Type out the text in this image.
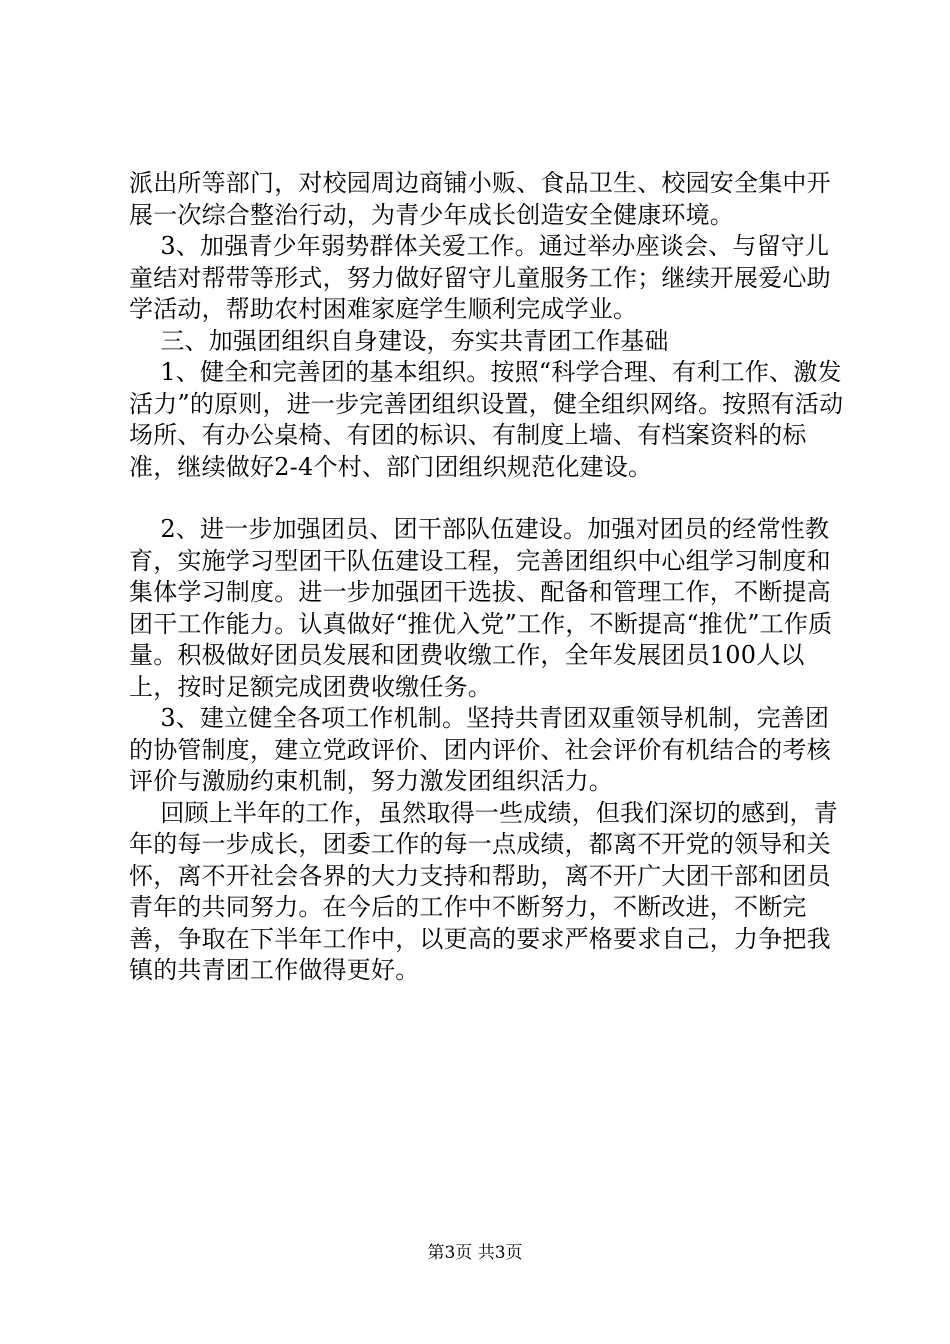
派出所等部门，对校园周边商铺小贩、食品卫生、校园安全集中开展一次综合整治行动，为青少年成长创造安全健康环境。

3、加强青少年弱势群体关爱工作。通过举办座谈会、与留守儿童结对帮带等形式，努力做好留守儿童服务工作；继续开展爱心助学活动，帮助农村困难家庭学生顺利完成学业。

三、加强团组织自身建设，夯实共青团工作基础

1、健全和完善团的基本组织。按照“科学合理、有利工作、激发活力”的原则，进一步完善团组织设置，健全组织网络。按照有活动场所、有办公桌椅、有团的标识、有制度上墙、有档案资料的标准，继续做好2-4个村、部门团组织规范化建设。

2、进一步加强团员、团干部队伍建设。加强对团员的经常性教育，实施学习型团干队伍建设工程，完善团组织中心组学习制度和集体学习制度。进一步加强团干选拔、配备和管理工作，不断提高团干工作能力。认真做好“推优入党”工作，不断提高“推优”工作质量。积极做好团员发展和团费收缴工作，全年发展团员100人以上，按时足额完成团费收缴任务。

3、建立健全各项工作机制。坚持共青团双重领导机制，完善团的协管制度，建立党政评价、团内评价、社会评价有机结合的考核评价与激励约束机制，努力激发团组织活力。

回顾上半年的工作，虽然取得一些成绩，但我们深切的感到，青年的每一步成长，团委工作的每一点成绩，都离不开党的领导和关怀，离不开社会各界的大力支持和帮助，离不开广大团干部和团员青年的共同努力。在今后的工作中不断努力，不断改进，不断完善，争取在下半年工作中，以更高的要求严格要求自己，力争把我镇的共青团工作做得更好。

第3页 共3页
